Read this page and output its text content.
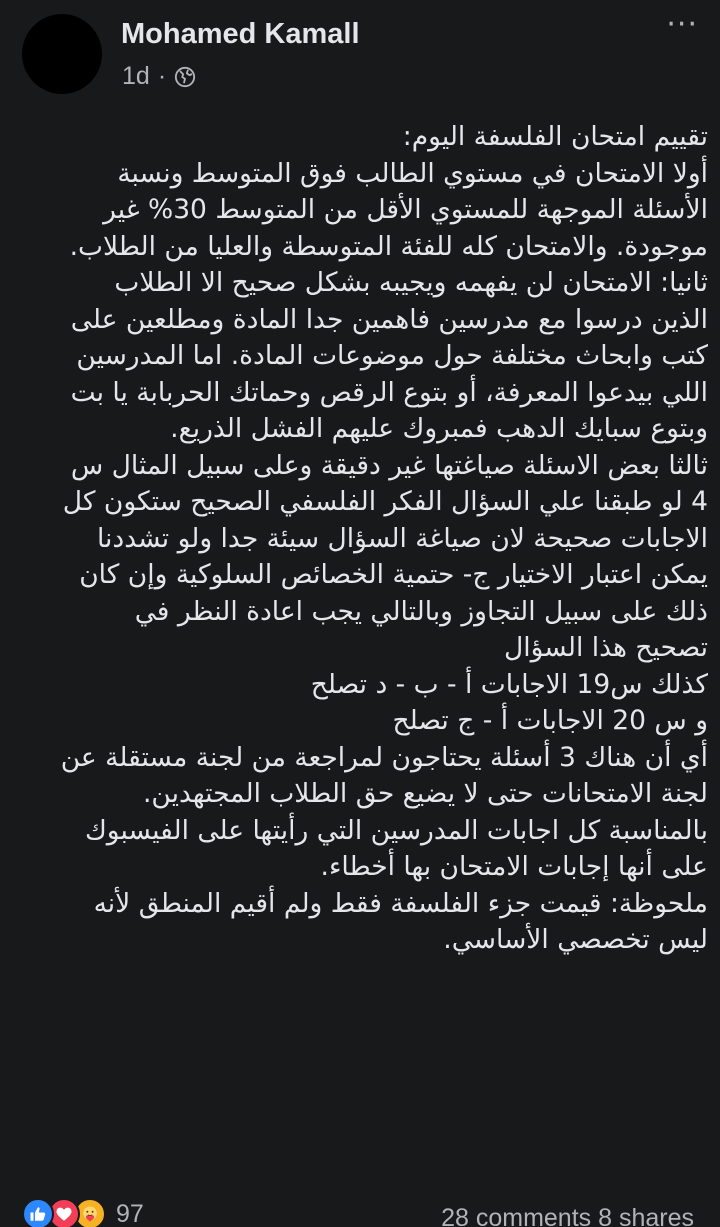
Mohamed Kamall
1d ·
···

تقييم امتحان الفلسفة اليوم:

أولا الامتحان في مستوي الطالب فوق المتوسط ونسبة

الأسئلة الموجهة للمستوي الأقل من المتوسط 30% غير

موجودة. والامتحان كله للفئة المتوسطة والعليا من الطلاب.

ثانيا: الامتحان لن يفهمه ويجيبه بشكل صحيح الا الطلاب

الذين درسوا مع مدرسين فاهمين جدا المادة ومطلعين على

كتب وابحاث مختلفة حول موضوعات المادة. اما المدرسين

اللي بيدعوا المعرفة، أو بتوع الرقص وحماتك الحربابة يا بت

وبتوع سبايك الدهب فمبروك عليهم الفشل الذريع.

ثالثا بعض الاسئلة صياغتها غير دقيقة وعلى سبيل المثال س

4 لو طبقنا علي السؤال الفكر الفلسفي الصحيح ستكون كل

الاجابات صحيحة لان صياغة السؤال سيئة جدا ولو تشددنا

يمكن اعتبار الاختيار ج- حتمية الخصائص السلوكية وإن كان

ذلك على سبيل التجاوز وبالتالي يجب اعادة النظر في

تصحيح هذا السؤال

كذلك س19 الاجابات أ - ب - د تصلح

و س 20 الاجابات أ - ج تصلح

أي أن هناك 3 أسئلة يحتاجون لمراجعة من لجنة مستقلة عن

لجنة الامتحانات حتى لا يضيع حق الطلاب المجتهدين.

بالمناسبة كل اجابات المدرسين التي رأيتها على الفيسبوك

على أنها إجابات الامتحان بها أخطاء.

ملحوظة: قيمت جزء الفلسفة فقط ولم أقيم المنطق لأنه

ليس تخصصي الأساسي.

97	28 comments 8 shares
